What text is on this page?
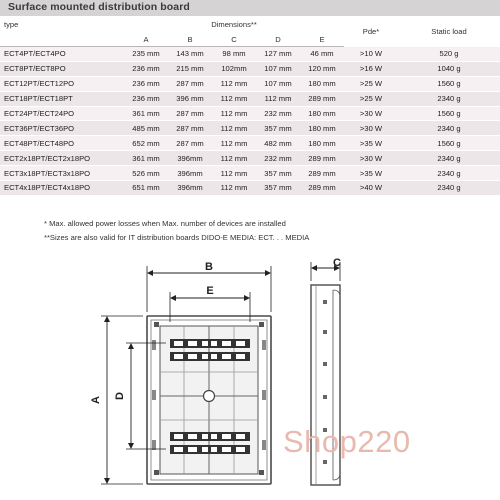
Surface mounted distribution board
type	Dimensions**					Pde*	Static load
	A	B	C	D	E		
ECT4PT/ECT4PO	235 mm	143 mm	98 mm	127 mm	46 mm	>10 W	520 g
ECT8PT/ECT8PO	236 mm	215 mm	102mm	107 mm	120 mm	>16 W	1040 g
ECT12PT/ECT12PO	236 mm	287 mm	112 mm	107 mm	180 mm	>25 W	1560 g
ECT18PT/ECT18PT	236 mm	396 mm	112 mm	112 mm	289 mm	>25 W	2340 g
ECT24PT/ECT24PO	361 mm	287 mm	112 mm	232 mm	180 mm	>30 W	1560 g
ECT36PT/ECT36PO	485 mm	287 mm	112 mm	357 mm	180 mm	>30 W	2340 g
ECT48PT/ECT48PO	652 mm	287 mm	112 mm	482 mm	180 mm	>35 W	1560 g
ECT2x18PT/ECT2x18PO	361 mm	396mm	112 mm	232 mm	289 mm	>30 W	2340 g
ECT3x18PT/ECT3x18PO	526 mm	396mm	112 mm	357 mm	289 mm	>35 W	2340 g
ECT4x18PT/ECT4x18PO	651 mm	396mm	112 mm	357 mm	289 mm	>40 W	2340 g
* Max. allowed power losses when Max. number of devices are installed
**Sizes are also valid for IT distribution boards DIDO-E MEDIA: ECT. . . MEDIA
B
E
A
D
C
Shop220
